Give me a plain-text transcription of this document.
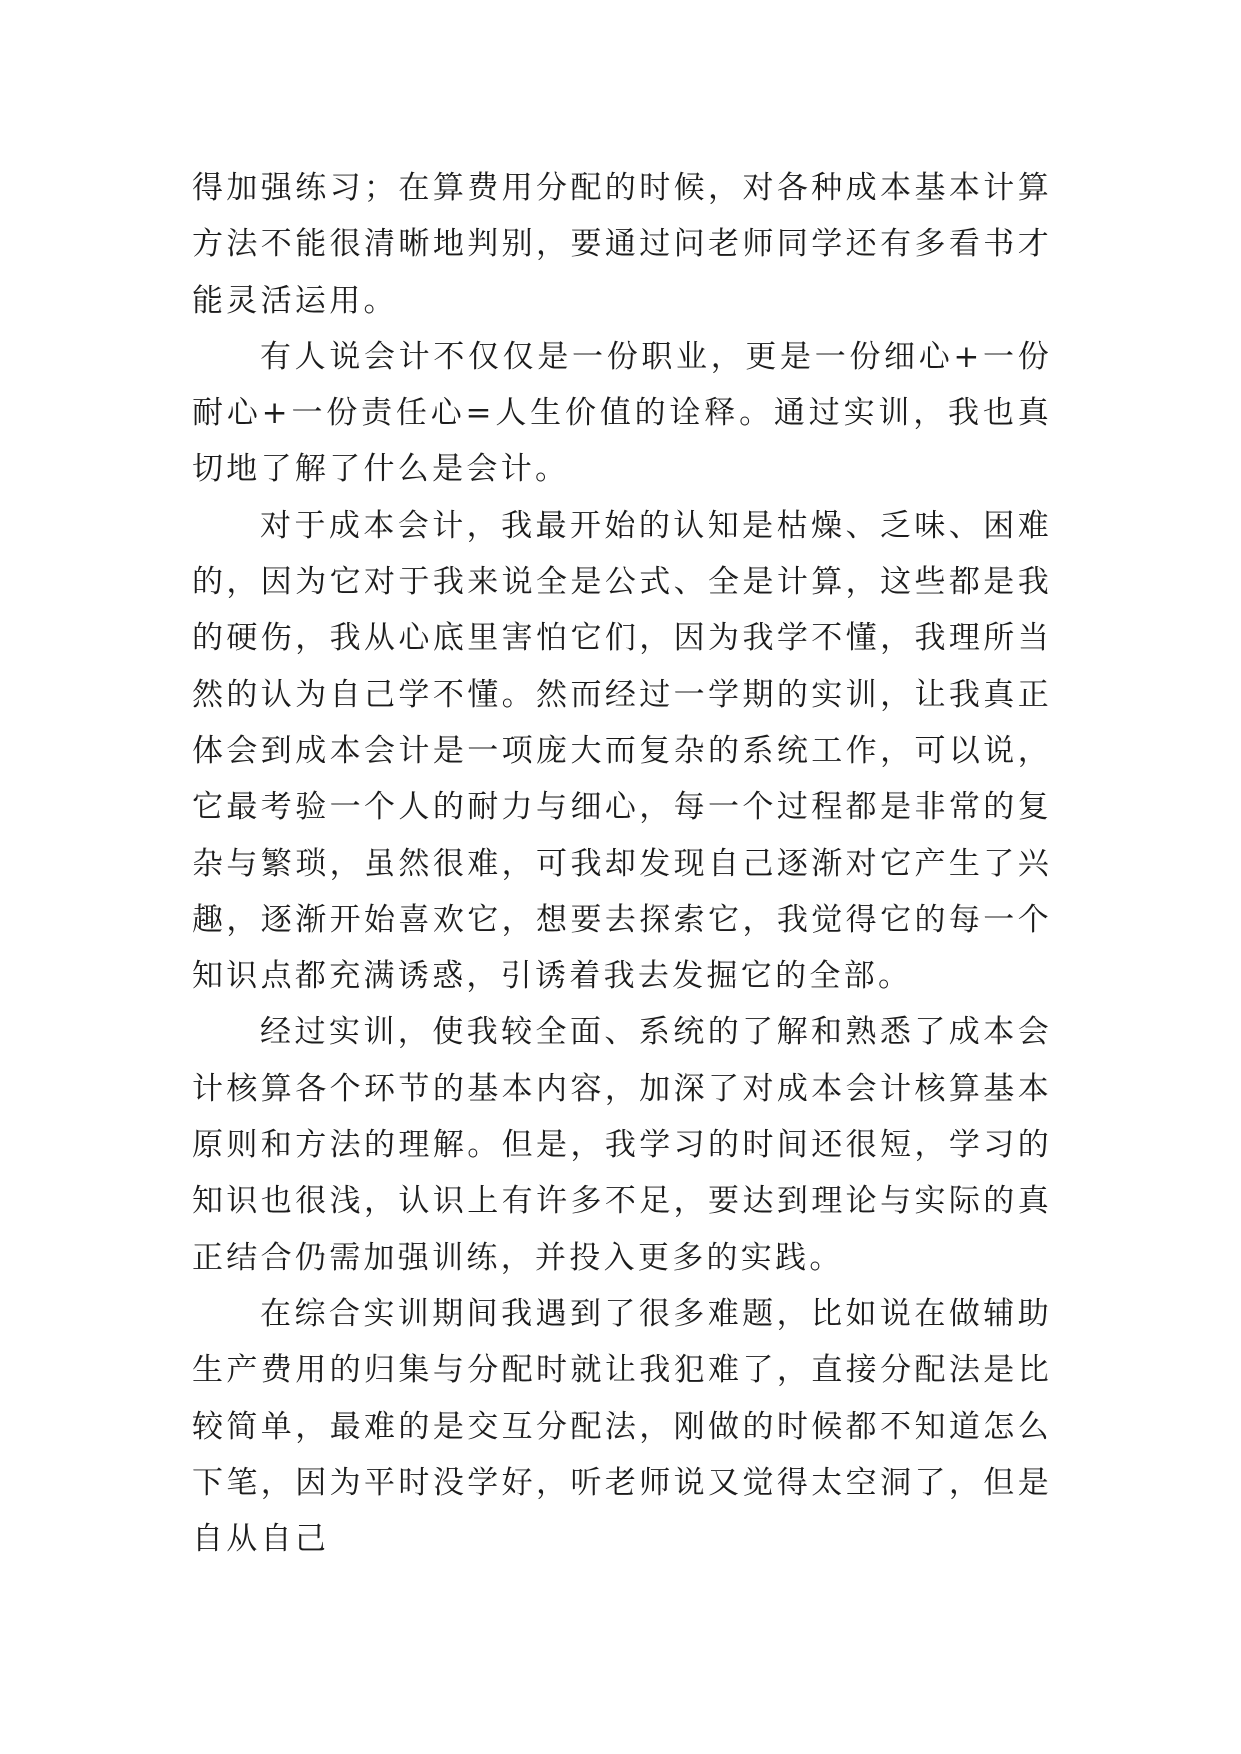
得加强练习；在算费用分配的时候，对各种成本基本计算方法不能很清晰地判别，要通过问老师同学还有多看书才能灵活运用。

有人说会计不仅仅是一份职业，更是一份细心+一份耐心+一份责任心=人生价值的诠释。通过实训，我也真切地了解了什么是会计。

对于成本会计，我最开始的认知是枯燥、乏味、困难的，因为它对于我来说全是公式、全是计算，这些都是我的硬伤，我从心底里害怕它们，因为我学不懂，我理所当然的认为自己学不懂。然而经过一学期的实训，让我真正体会到成本会计是一项庞大而复杂的系统工作，可以说，它最考验一个人的耐力与细心，每一个过程都是非常的复杂与繁琐，虽然很难，可我却发现自己逐渐对它产生了兴趣，逐渐开始喜欢它，想要去探索它，我觉得它的每一个知识点都充满诱惑，引诱着我去发掘它的全部。

经过实训，使我较全面、系统的了解和熟悉了成本会计核算各个环节的基本内容，加深了对成本会计核算基本原则和方法的理解。但是，我学习的时间还很短，学习的知识也很浅，认识上有许多不足，要达到理论与实际的真正结合仍需加强训练，并投入更多的实践。

在综合实训期间我遇到了很多难题，比如说在做辅助生产费用的归集与分配时就让我犯难了，直接分配法是比较简单，最难的是交互分配法，刚做的时候都不知道怎么下笔，因为平时没学好，听老师说又觉得太空洞了，但是自从自己
